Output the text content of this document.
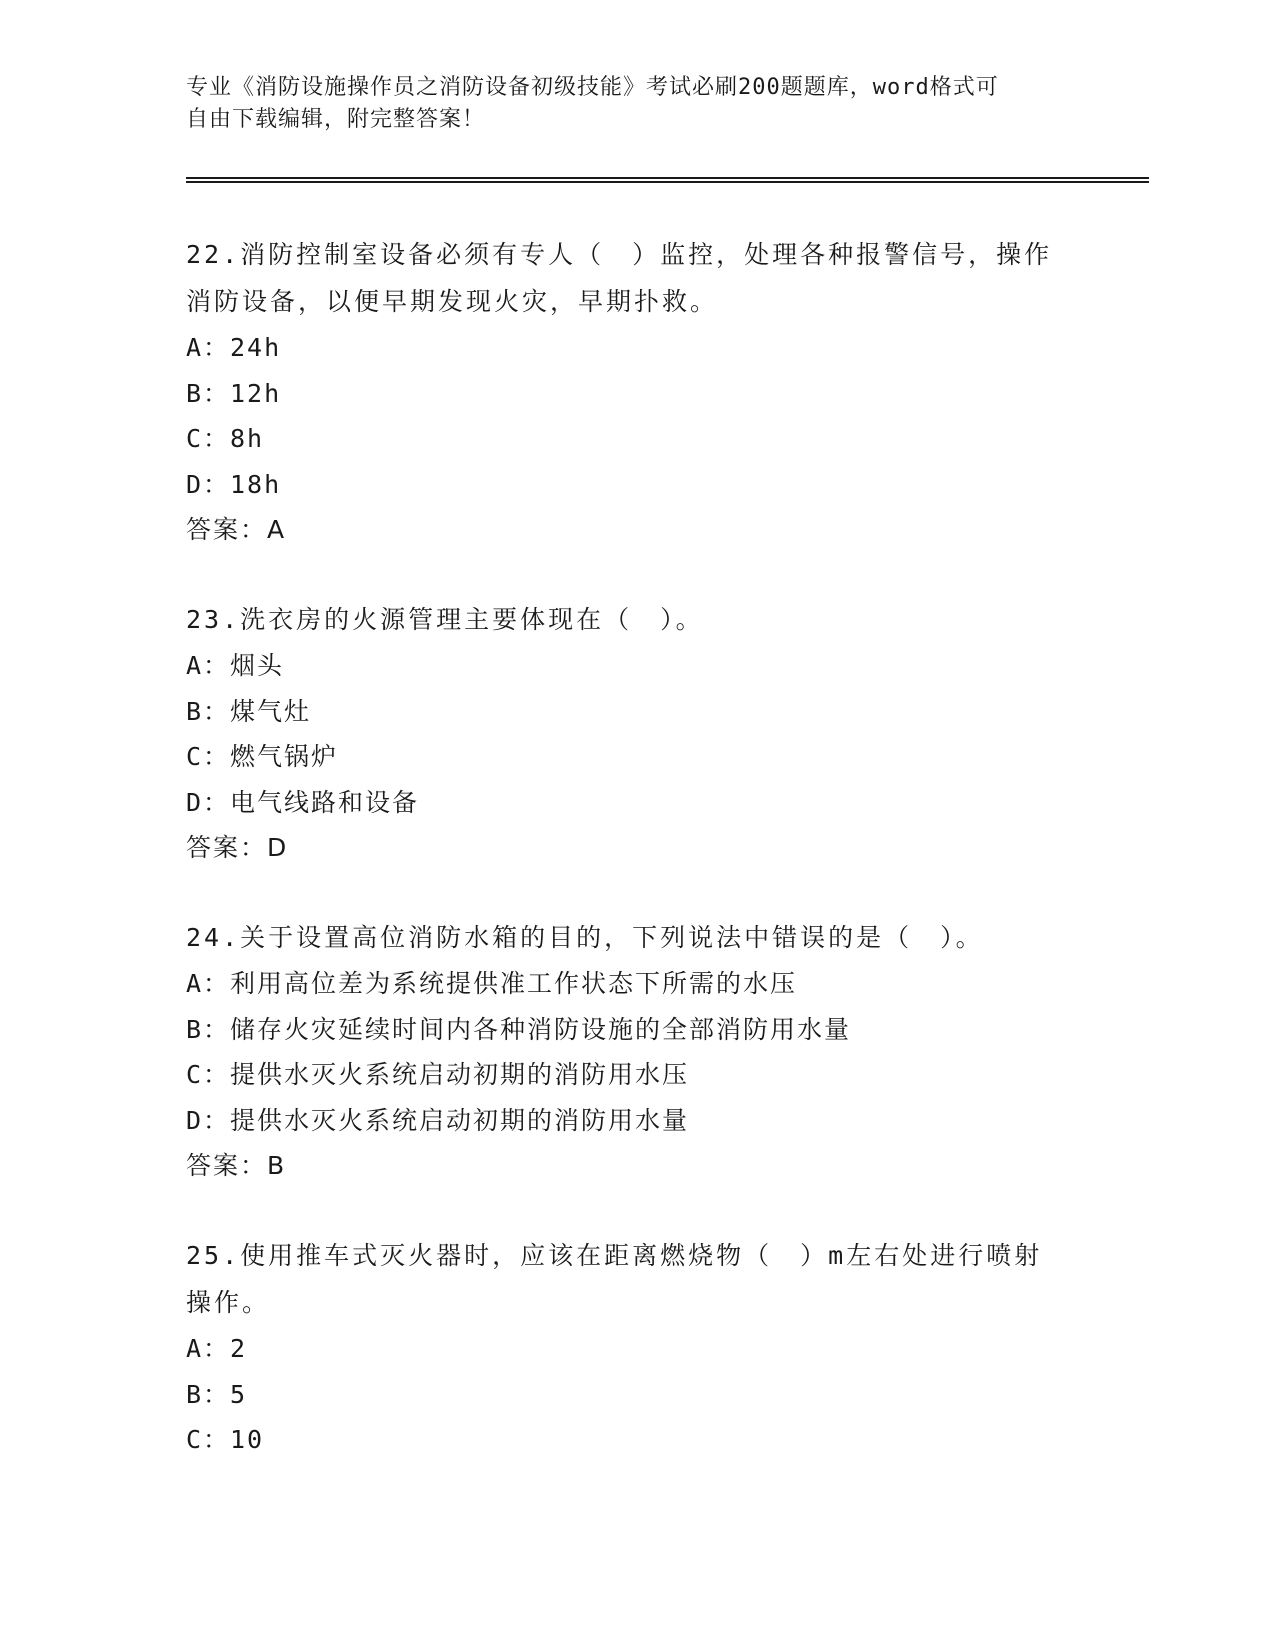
专业《消防设施操作员之消防设备初级技能》考试必刷200题题库，word格式可
自由下载编辑，附完整答案！

22.消防控制室设备必须有专人（　）监控，处理各种报警信号，操作消防设备，以便早期发现火灾，早期扑救。

A：24h

B：12h

C：8h

D：18h

答案：A

23.洗衣房的火源管理主要体现在（　）。

A：烟头

B：煤气灶

C：燃气锅炉

D：电气线路和设备

答案：D

24.关于设置高位消防水箱的目的，下列说法中错误的是（　）。

A：利用高位差为系统提供准工作状态下所需的水压

B：储存火灾延续时间内各种消防设施的全部消防用水量

C：提供水灭火系统启动初期的消防用水压

D：提供水灭火系统启动初期的消防用水量

答案：B

25.使用推车式灭火器时，应该在距离燃烧物（　）m左右处进行喷射操作。

A：2

B：5

C：10
